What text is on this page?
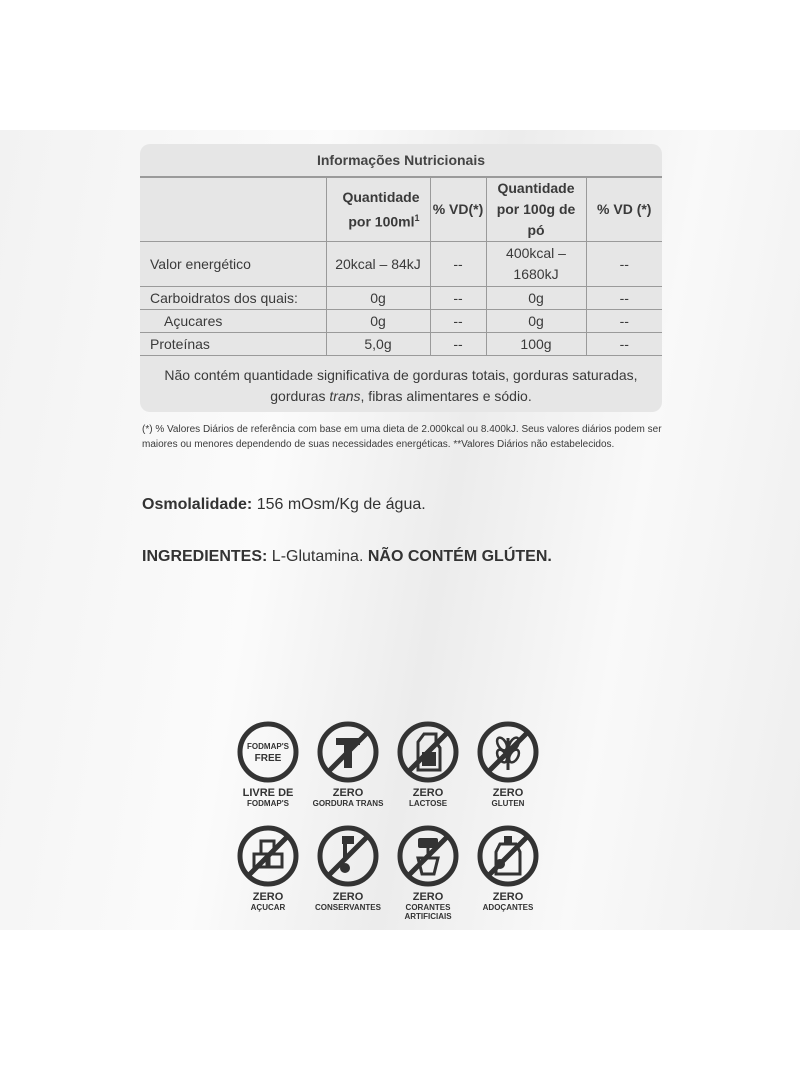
Informações Nutricionais
	Quantidade por $100ml^1$	% VD(*)	Quantidade por 100g de pó	% VD (*)
Valor energético	20kcal – 84kJ	--	400kcal – 1680kJ	--
Carboidratos dos quais:	0g	--	0g	--
Açucares	0g	--	0g	--
Proteínas	5,0g	--	100g	--
Não contém quantidade significativa de gorduras totais, gorduras saturadas, gorduras trans, fibras alimentares e sódio.
(*) % Valores Diários de referência com base em uma dieta de 2.000kcal ou 8.400kJ. Seus valores diários podem ser maiores ou menores dependendo de suas necessidades energéticas. **Valores Diários não estabelecidos.
Osmolalidade: 156 mOsm/Kg de água.
INGREDIENTES: L-Glutamina. NÃO CONTÉM GLÚTEN.
FODMAP'S
FREE
LIVRE DE
FODMAP'S
ZERO
GORDURA TRANS
ZERO
LACTOSE
ZERO
GLUTEN
ZERO
AÇUCAR
ZERO
CONSERVANTES
ZERO
CORANTES
ARTIFICIAIS
ZERO
ADOÇANTES
